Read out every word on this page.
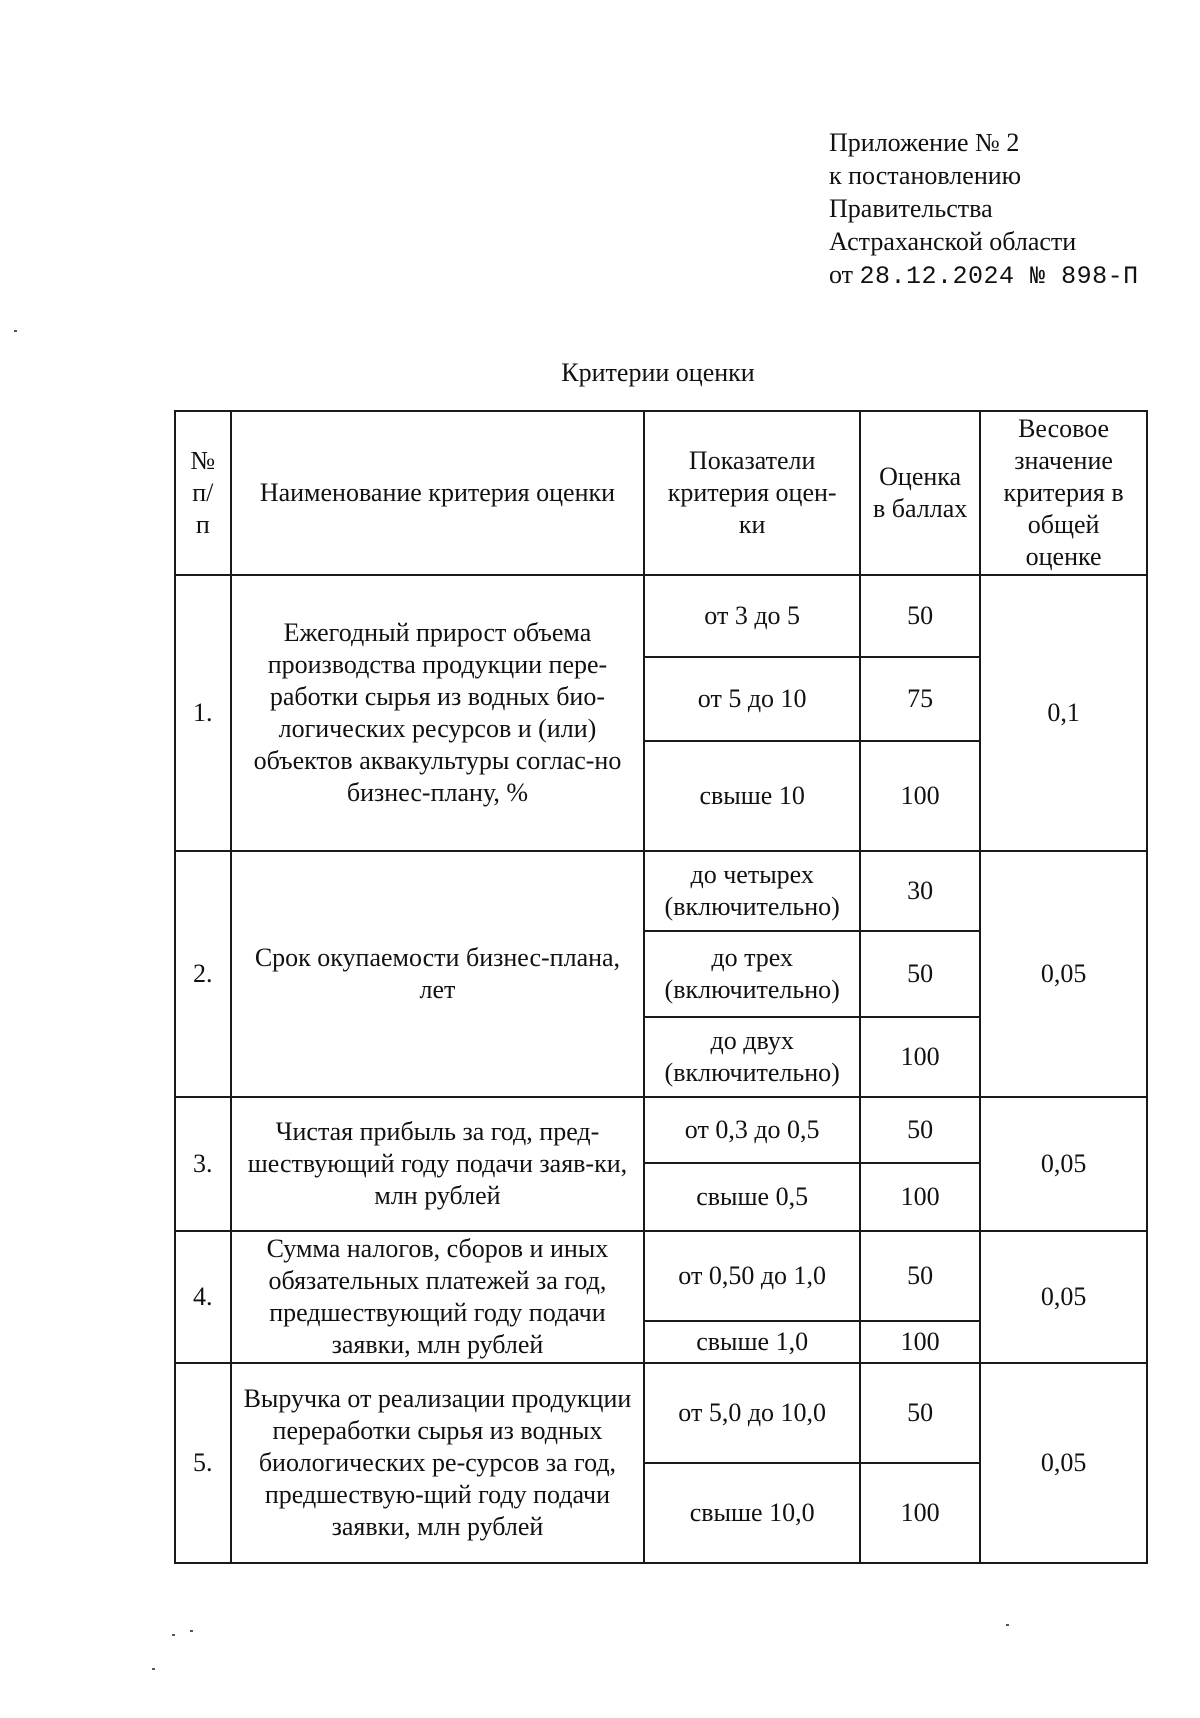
Приложение № 2
к постановлению
Правительства
Астраханской области
от 28.12.2024 № 898-П
Критерии оценки
№ п/п	Наименование критерия оценки	Показатели критерия оцен-ки	Оценка в баллах	Весовое значение критерия в общей оценке
1.	Ежегодный прирост объема производства продукции пере-работки сырья из водных био-логических ресурсов и (или) объектов аквакультуры соглас-но бизнес-плану, %	от 3 до 5	50	0,1
		от 5 до 10	75	
		свыше 10	100	
2.	Срок окупаемости бизнес-плана, лет	до четырех (включительно)	30	0,05
		до трех (включительно)	50	
		до двух (включительно)	100	
3.	Чистая прибыль за год, пред-шествующий году подачи заяв-ки, млн рублей	от 0,3 до 0,5	50	0,05
		свыше 0,5	100	
4.	Сумма налогов, сборов и иных обязательных платежей за год, предшествующий году подачи заявки, млн рублей	от 0,50 до 1,0	50	0,05
		свыше 1,0	100	
5.	Выручка от реализации продукции переработки сырья из водных биологических ре-сурсов за год, предшествую-щий году подачи заявки, млн рублей	от 5,0 до 10,0	50	0,05
		свыше 10,0	100	
